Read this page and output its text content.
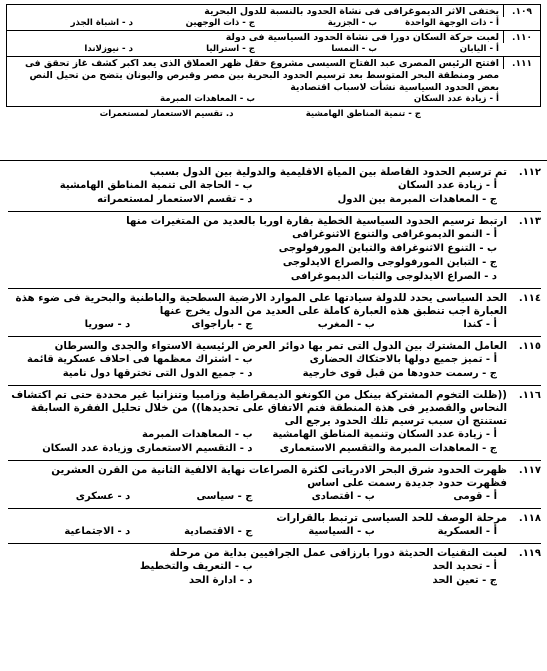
.١٠٩
يختفى الاثر الديموغرافى فى نشاة الحدود بالنسبة للدول البحرية
أ - ذات الوجهة الواحدة
ب - الجزرية
ج - ذات الوجهين
د - اشباة الجذر
.١١٠
لعبت حركة السكان دورا فى نشاة الحدود السياسية فى دولة
أ - اليابان
ب - النمسا
ج - استراليا
د - نيوزلاندا
.١١١
افتتح الرئيس المصرى عبد الفتاح السيسى مشروع حقل ظهر العملاق الذى يعد اكبر كشف غاز تحقق فى مصر ومنطقة البحر المتوسط بعد ترسيم الحدود البحرية بين مصر وقبرص واليونان يتضح من تحيل النص بعض الحدود السياسية نشأت لاسباب اقتصادية
أ - زيادة عدد السكان
ب - المعاهدات المبرمة
ج - تنمية المناطق الهامشية
د. تقسيم الاستعمار لمستعمرات
.١١٢
تم ترسيم الحدود الفاصلة بين المياة الاقليمية والدولية بين الدول بسبب
أ - زيادة عدد السكان
ب - الحاجة الى تنمية المناطق الهامشية
ج - المعاهدات المبرمة بين الدول
د - تقسم الاستعمار لمستعمراته
.١١٣
ارتبط ترسيم الحدود السياسية الخطية بقارة اوربا بالعديد من المتغيرات منها
أ - النمو الديموغرافى والتنوع الاثنوغرافى
ب - التنوع الاثنوغرافة والتباين المورفولوجى
ج - التباين المورفولوجى والصراع الايدلوجى
د - الصراع الايدلوجى والثبات الديموغرافى
.١١٤
الحد السياسى يحدد للدولة سيادتها على الموارد الارضية السطحية والباطنية والبحرية فى ضوء هذة العبارة اجب تنطبق هذه العبارة كاملة على العديد من الدول يخرج عنها
أ - كندا
ب - المغرب
ج - باراجواى
د - سوريا
.١١٥
العامل المشترك بين الدول التى تمر بها دوائر العرض الرئيسية الاستواء والجدى والسرطان
أ - تميز جميع دولها بالاحتكاك الحضارى
ب - اشتراك معظمها فى احلاف عسكرية قائمة
ج - رسمت حدودها من قبل قوى خارجية
د - جميع الدول التى تخترقها دول نامية
.١١٦
((ظلت التخوم المشتركة بينكل من الكونغو الديمقراطية وزامبيا وتنزانيا غير محددة حتى تم اكتشاف النحاس والقصدير فى هذة المنطقة فتم الاتفاق على تحديدها)) من خلال تحليل الفقرة السابقة تستنتج ان سبب ترسيم تلك الحدود يرجع الى
أ - زيادة عدد السكان وتنمية المناطق الهامشية
ب - المعاهدات المبرمة
ج - المعاهدات المبرمة والتقسيم الاستعمارى
د - التقسيم الاستعمارى وزيادة عدد السكان
.١١٧
ظهرت الحدود شرق البحر الادرياتى لكثرة الصراعات نهاية الالفية الثانية من القرن العشرين فظهرت حدود جديدة رسمت على اساس
أ - قومى
ب - اقتصادى
ج - سياسى
د - عسكرى
.١١٨
مرحلة الوصف للحد السياسى ترتبط بالقرارات
أ - العسكرية
ب - السياسية
ج - الاقتصادية
د - الاجتماعية
.١١٩
لعبت التقنيات الحديثة دورا بارزافى عمل الجرافيين بداية من مرحلة
أ - تحديد الحد
ب - التعريف والتخطيط
ج - تعين الحد
د - ادارة الحد
